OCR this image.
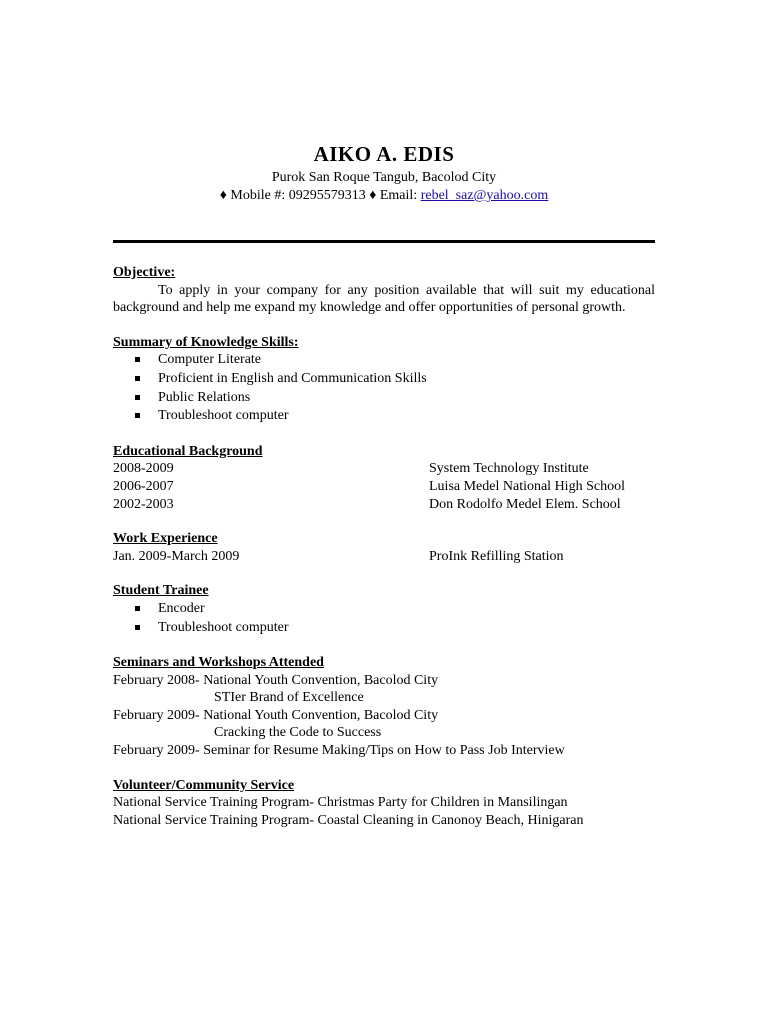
AIKO A. EDIS
Purok San Roque Tangub, Bacolod City
♦ Mobile #: 09295579313 ♦ Email: rebel_saz@yahoo.com
Objective:
To apply in your company for any position available that will suit my educational background and help me expand my knowledge and offer opportunities of personal growth.
Summary of Knowledge Skills:
Computer Literate
Proficient in English and Communication Skills
Public Relations
Troubleshoot computer
Educational Background
2008-2009	System Technology Institute
2006-2007	Luisa Medel National High School
2002-2003	Don Rodolfo Medel Elem. School
Work Experience
Jan. 2009-March 2009	ProInk Refilling Station
Student Trainee
Encoder
Troubleshoot computer
Seminars and Workshops Attended
February 2008- National Youth Convention, Bacolod City
STIer Brand of Excellence
February 2009- National Youth Convention, Bacolod City
Cracking the Code to Success
February 2009- Seminar for Resume Making/Tips on How to Pass Job Interview
Volunteer/Community Service
National Service Training Program- Christmas Party for Children in Mansilingan
National Service Training Program- Coastal Cleaning in Canonoy Beach, Hinigaran
